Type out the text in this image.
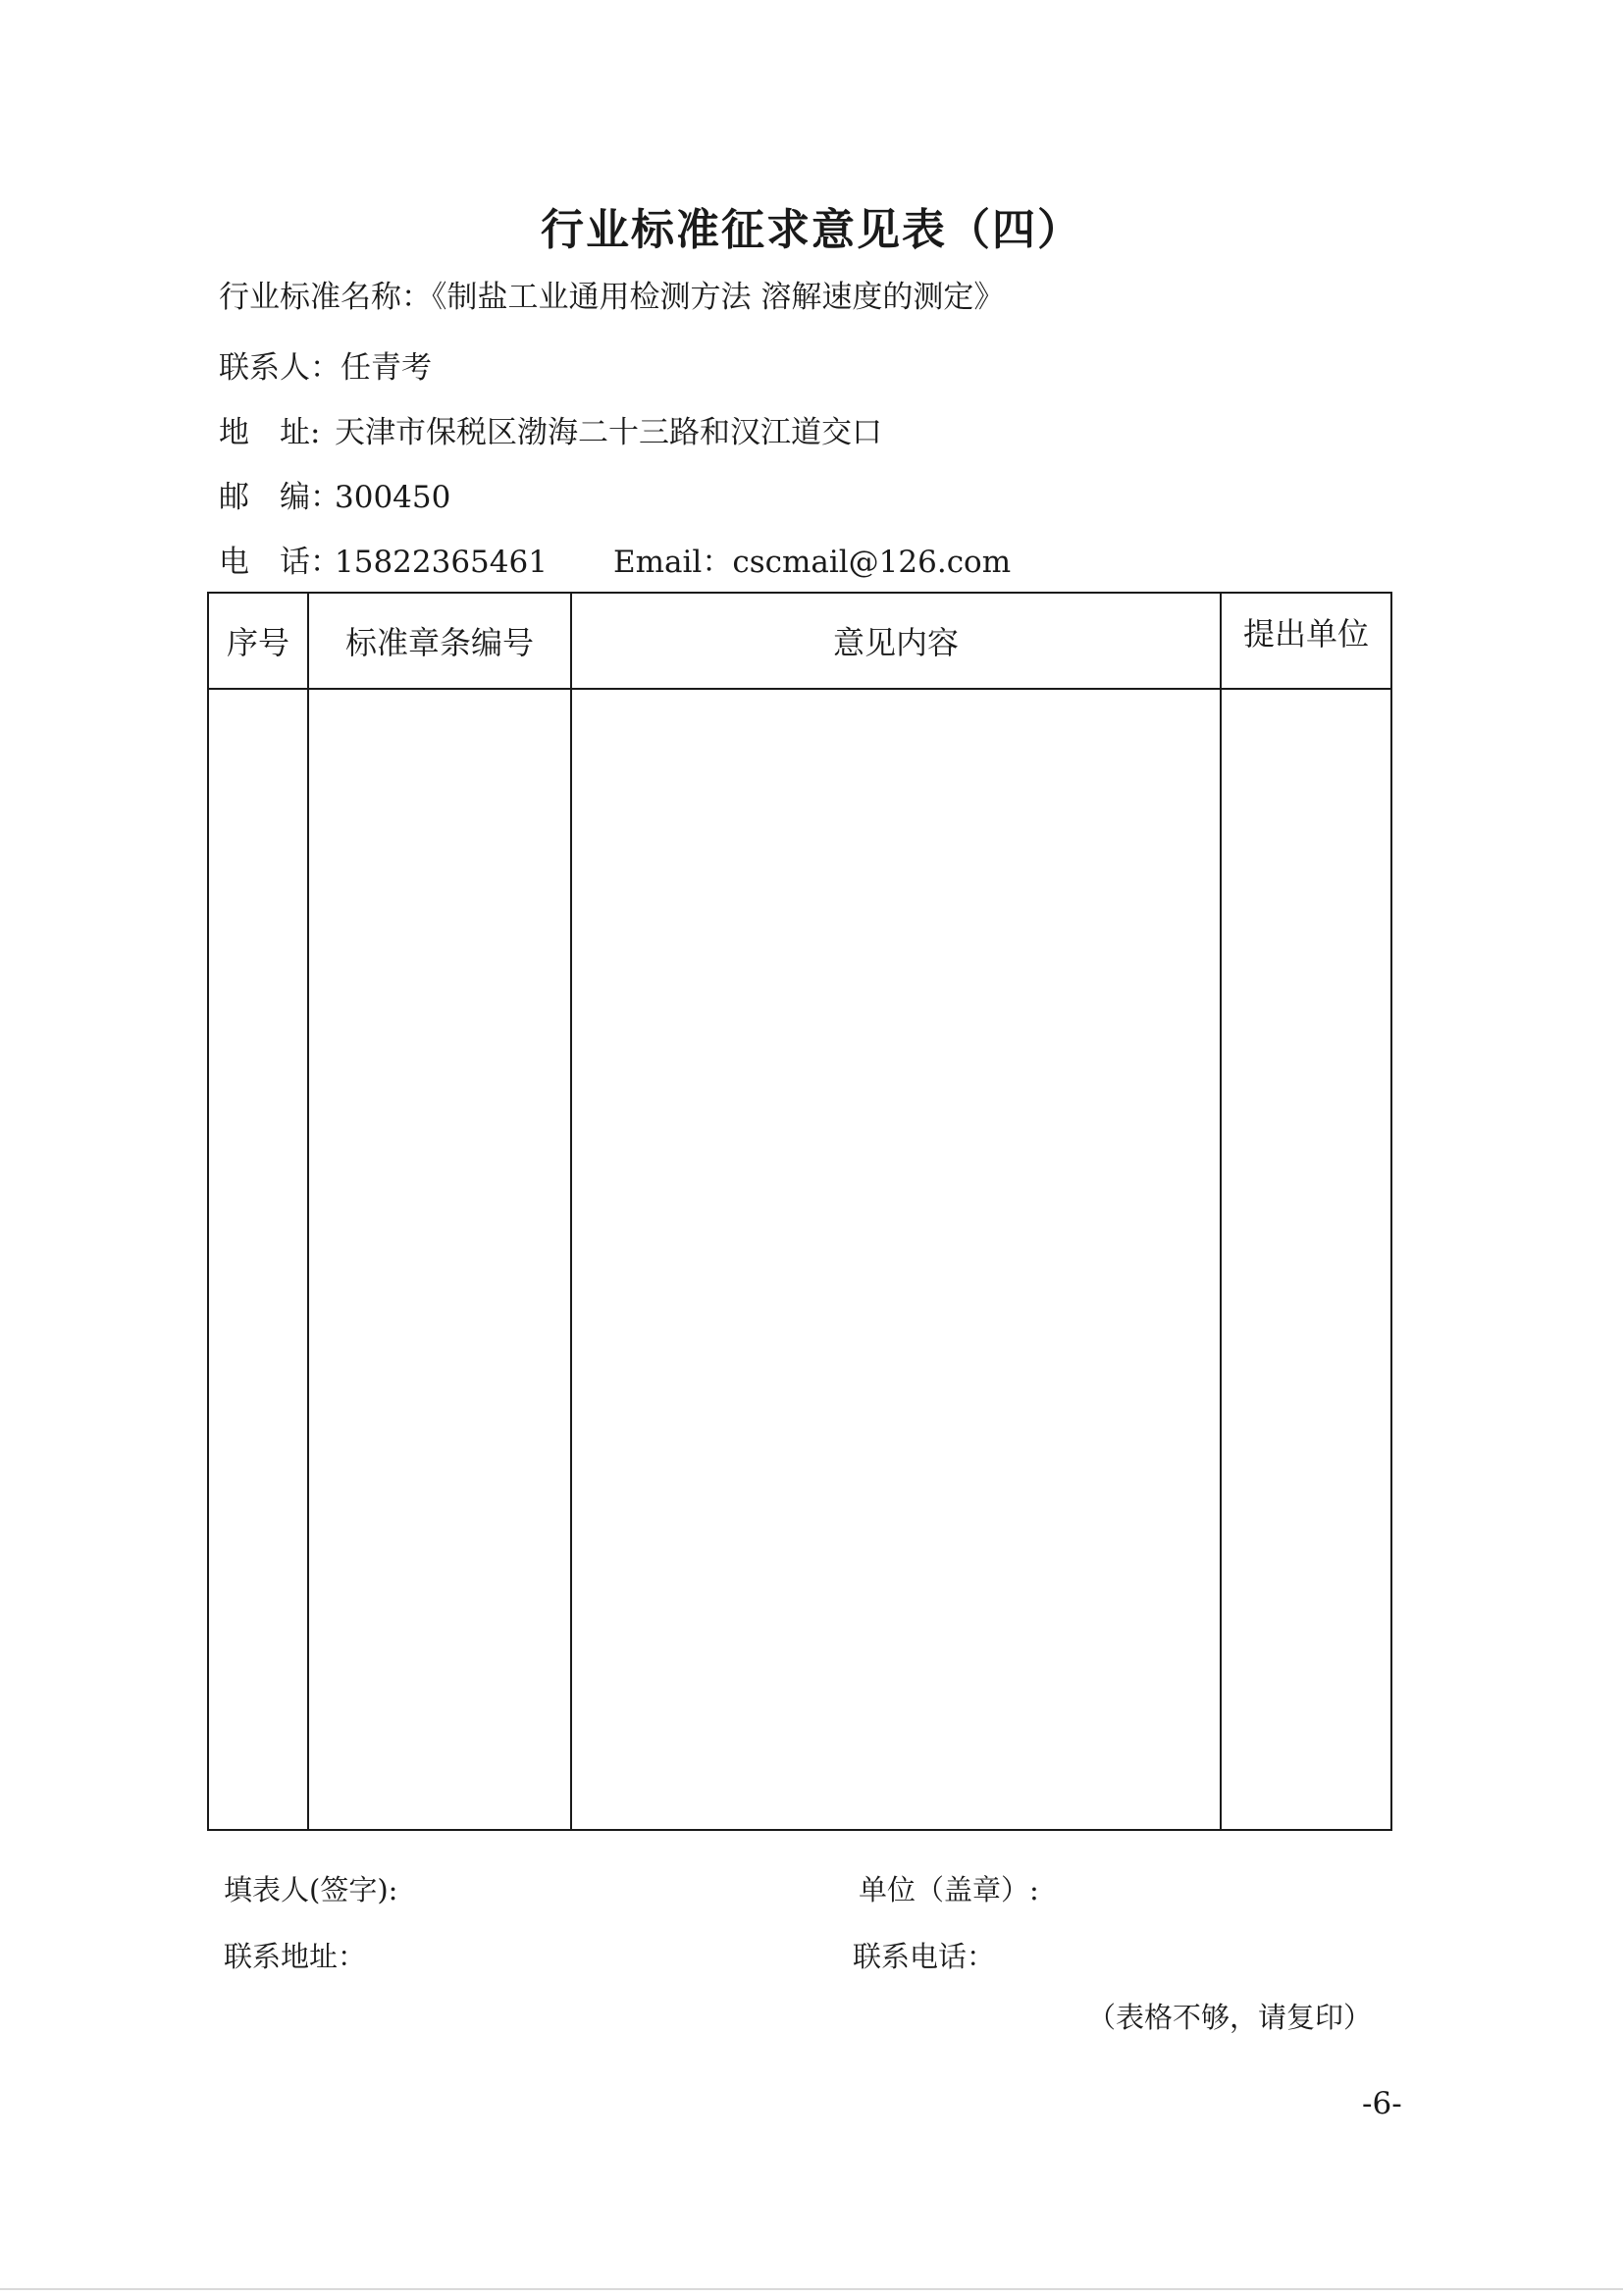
行业标准征求意见表（四）
行业标准名称：《制盐工业通用检测方法 溶解速度的测定》
联系人：任青考
地 址: 天津市保税区渤海二十三路和汉江道交口
邮 编：300450
电 话：15822365461 Email：cscmail@126.com
序号	标准章条编号	意见内容	提出单位

填表人(签字):	单位（盖章）:
联系地址：	联系电话：
（表格不够，请复印）
-6-
